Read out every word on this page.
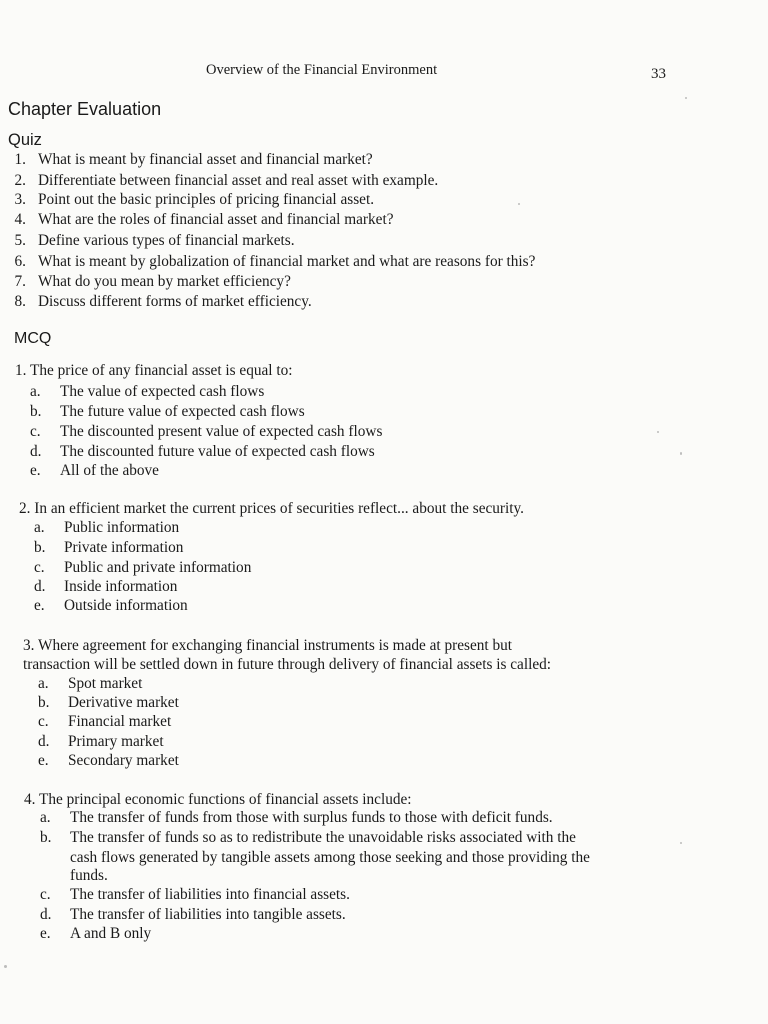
Overview of the Financial Environment	33
Chapter Evaluation
Quiz
1. What is meant by financial asset and financial market?
2. Differentiate between financial asset and real asset with example.
3. Point out the basic principles of pricing financial asset.
4. What are the roles of financial asset and financial market?
5. Define various types of financial markets.
6. What is meant by globalization of financial market and what are reasons for this?
7. What do you mean by market efficiency?
8. Discuss different forms of market efficiency.
MCQ
1. The price of any financial asset is equal to:
a. The value of expected cash flows
b. The future value of expected cash flows
c. The discounted present value of expected cash flows
d. The discounted future value of expected cash flows
e. All of the above
2. In an efficient market the current prices of securities reflect... about the security.
a. Public information
b. Private information
c. Public and private information
d. Inside information
e. Outside information
3. Where agreement for exchanging financial instruments is made at present but
transaction will be settled down in future through delivery of financial assets is called:
a. Spot market
b. Derivative market
c. Financial market
d. Primary market
e. Secondary market
4. The principal economic functions of financial assets include:
a. The transfer of funds from those with surplus funds to those with deficit funds.
b. The transfer of funds so as to redistribute the unavoidable risks associated with the
cash flows generated by tangible assets among those seeking and those providing the
funds.
c. The transfer of liabilities into financial assets.
d. The transfer of liabilities into tangible assets.
e. A and B only
